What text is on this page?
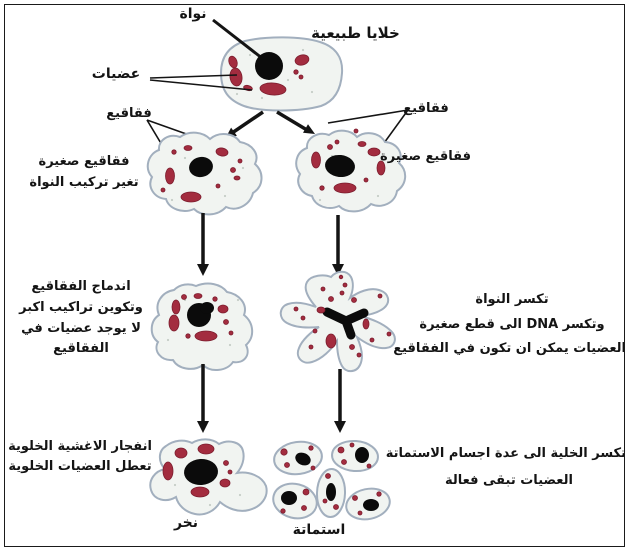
نواة
خلايا طبيعية
عضيات
فقاقيع	فقاقيع
فقاقيع صغيرة
فقاقيع صغيرة
تغير تركيب النواة
اندماج الفقاقيع
وتكوين تراكيب اكبر
لا يوجد عضيات في
الفقاقيع
تكسر النواة
وتكسر DNA الى قطع صغيرة
العضيات يمكن ان تكون في الفقاقيع
انفجار الاغشية الخلوية
تعطل العضيات الخلوية
تكسر الخلية الى عدة اجسام الاستماتة
العضيات تبقى فعالة
نخر	استماتة
